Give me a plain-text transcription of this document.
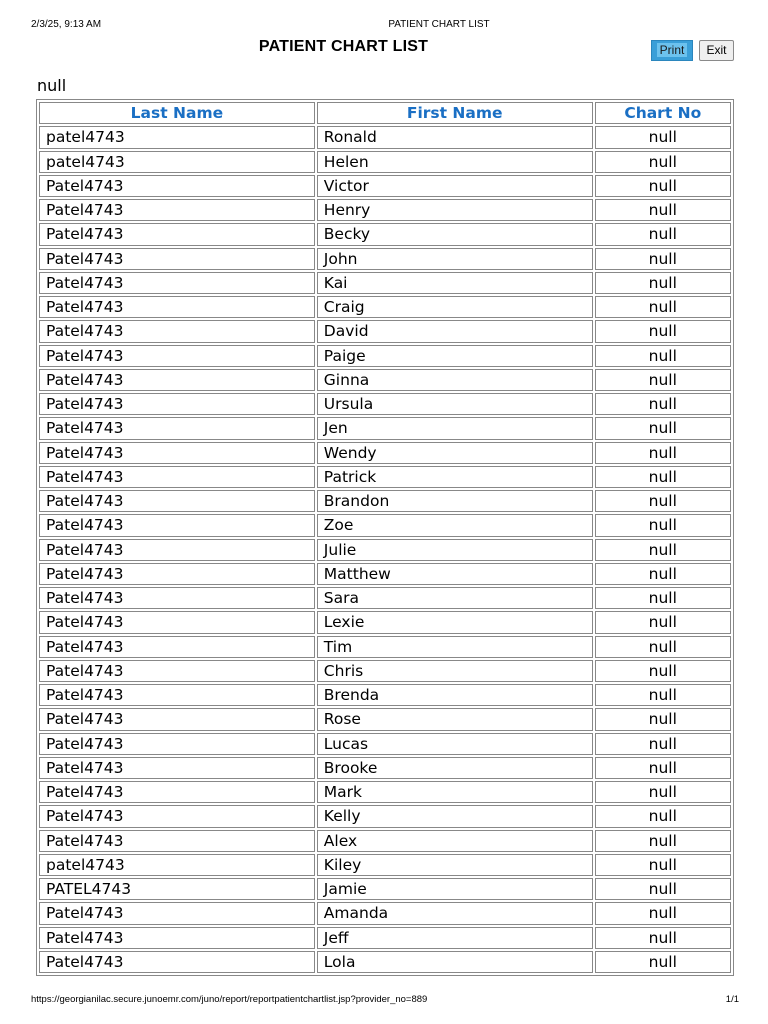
2/3/25, 9:13 AM	PATIENT CHART LIST
PATIENT CHART LIST	Print	Exit
null
Last Name	First Name	Chart No
patel4743	Ronald	null
patel4743	Helen	null
Patel4743	Victor	null
Patel4743	Henry	null
Patel4743	Becky	null
Patel4743	John	null
Patel4743	Kai	null
Patel4743	Craig	null
Patel4743	David	null
Patel4743	Paige	null
Patel4743	Ginna	null
Patel4743	Ursula	null
Patel4743	Jen	null
Patel4743	Wendy	null
Patel4743	Patrick	null
Patel4743	Brandon	null
Patel4743	Zoe	null
Patel4743	Julie	null
Patel4743	Matthew	null
Patel4743	Sara	null
Patel4743	Lexie	null
Patel4743	Tim	null
Patel4743	Chris	null
Patel4743	Brenda	null
Patel4743	Rose	null
Patel4743	Lucas	null
Patel4743	Brooke	null
Patel4743	Mark	null
Patel4743	Kelly	null
Patel4743	Alex	null
patel4743	Kiley	null
PATEL4743	Jamie	null
Patel4743	Amanda	null
Patel4743	Jeff	null
Patel4743	Lola	null
https://georgianilac.secure.junoemr.com/juno/report/reportpatientchartlist.jsp?provider_no=889	1/1
